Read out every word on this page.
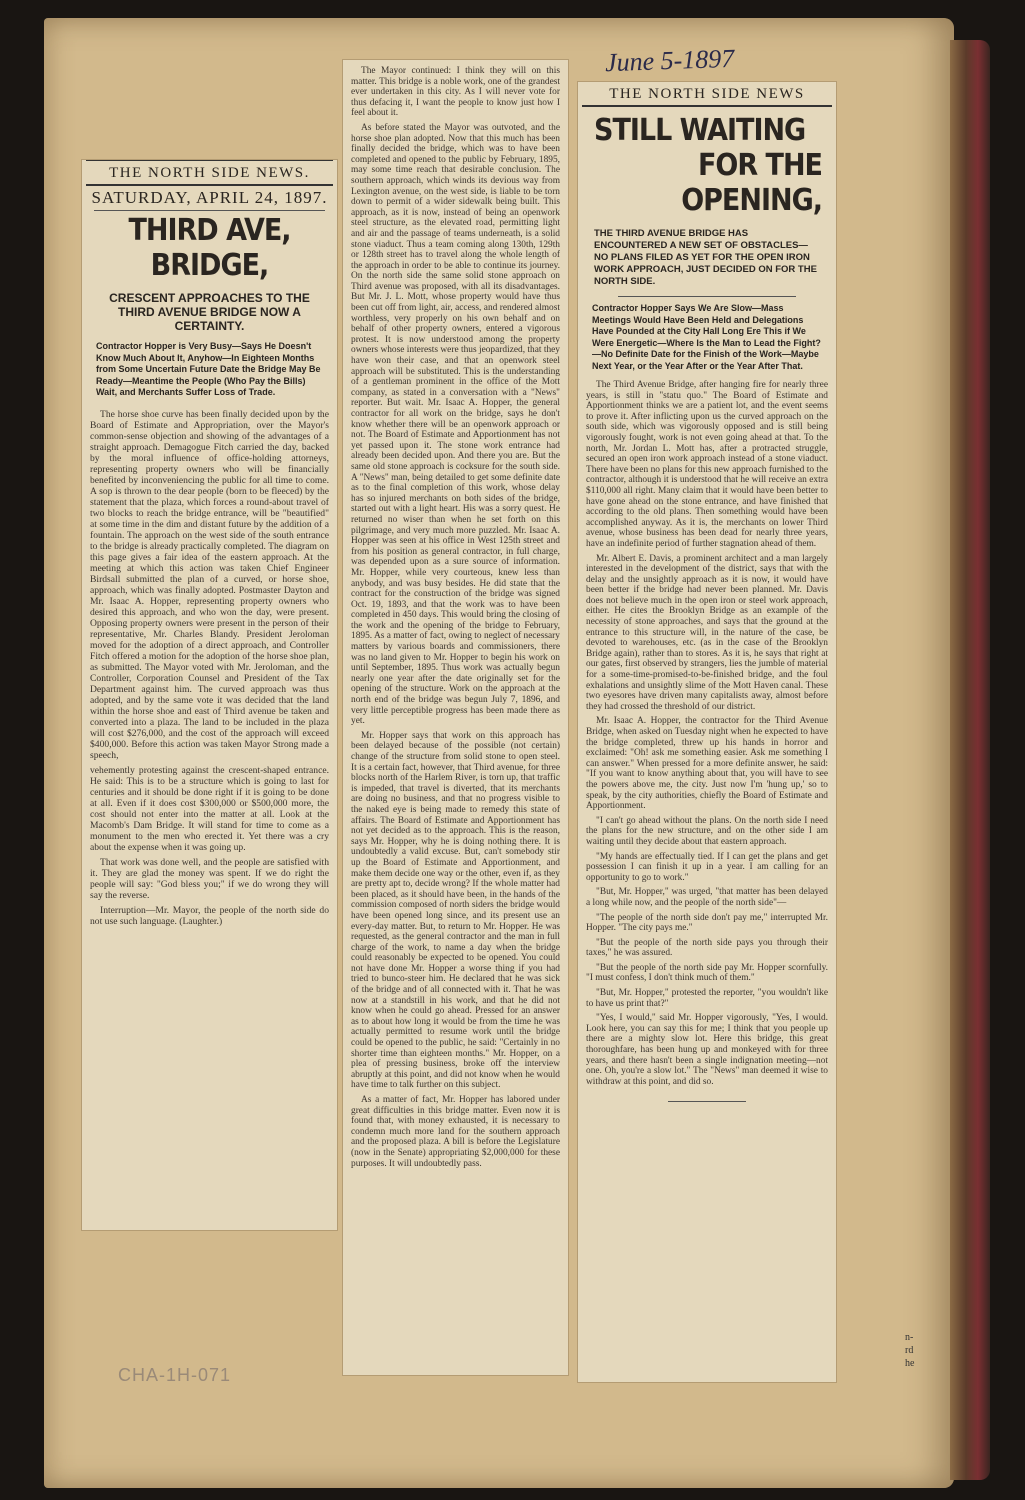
June 5-1897
THE NORTH SIDE NEWS.
SATURDAY, APRIL 24, 1897.
THIRD AVE, BRIDGE,
CRESCENT APPROACHES TO THE THIRD AVENUE BRIDGE NOW A CERTAINTY.
Contractor Hopper is Very Busy—Says He Doesn't Know Much About It, Anyhow—In Eighteen Months from Some Uncertain Future Date the Bridge May Be Ready—Meantime the People (Who Pay the Bills) Wait, and Merchants Suffer Loss of Trade.

The horse shoe curve has been finally decided upon by the Board of Estimate and Appropriation, over the Mayor's common-sense objection and showing of the advantages of a straight approach. Demagogue Fitch carried the day, backed by the moral influence of office-holding attorneys, representing property owners who will be financially benefited by inconveniencing the public for all time to come. A sop is thrown to the dear people (born to be fleeced) by the statement that the plaza, which forces a round-about travel of two blocks to reach the bridge entrance, will be "beautified" at some time in the dim and distant future by the addition of a fountain. The approach on the west side of the south entrance to the bridge is already practically completed. The diagram on this page gives a fair idea of the eastern approach. At the meeting at which this action was taken Chief Engineer Birdsall submitted the plan of a curved, or horse shoe, approach, which was finally adopted. Postmaster Dayton and Mr. Isaac A. Hopper, representing property owners who desired this approach, and who won the day, were present. Opposing property owners were present in the person of their representative, Mr. Charles Blandy. President Jeroloman moved for the adoption of a direct approach, and Controller Fitch offered a motion for the adoption of the horse shoe plan, as submitted. The Mayor voted with Mr. Jeroloman, and the Controller, Corporation Counsel and President of the Tax Department against him. The curved approach was thus adopted, and by the same vote it was decided that the land within the horse shoe and east of Third avenue be taken and converted into a plaza. The land to be included in the plaza will cost $276,000, and the cost of the approach will exceed $400,000. Before this action was taken Mayor Strong made a speech,

vehemently protesting against the crescent-shaped entrance. He said: This is to be a structure which is going to last for centuries and it should be done right if it is going to be done at all. Even if it does cost $300,000 or $500,000 more, the cost should not enter into the matter at all. Look at the Macomb's Dam Bridge. It will stand for time to come as a monument to the men who erected it. Yet there was a cry about the expense when it was going up.

That work was done well, and the people are satisfied with it. They are glad the money was spent. If we do right the people will say: "God bless you;" if we do wrong they will say the reverse.

Interruption—Mr. Mayor, the people of the north side do not use such language. (Laughter.)

The Mayor continued: I think they will on this matter. This bridge is a noble work, one of the grandest ever undertaken in this city. As I will never vote for thus defacing it, I want the people to know just how I feel about it.

As before stated the Mayor was outvoted, and the horse shoe plan adopted. Now that this much has been finally decided the bridge, which was to have been completed and opened to the public by February, 1895, may some time reach that desirable conclusion. The southern approach, which winds its devious way from Lexington avenue, on the west side, is liable to be torn down to permit of a wider sidewalk being built. This approach, as it is now, instead of being an openwork steel structure, as the elevated road, permitting light and air and the passage of teams underneath, is a solid stone viaduct. Thus a team coming along 130th, 129th or 128th street has to travel along the whole length of the approach in order to be able to continue its journey. On the north side the same solid stone approach on Third avenue was proposed, with all its disadvantages. But Mr. J. L. Mott, whose property would have thus been cut off from light, air, access, and rendered almost worthless, very properly on his own behalf and on behalf of other property owners, entered a vigorous protest. It is now understood among the property owners whose interests were thus jeopardized, that they have won their case, and that an openwork steel approach will be substituted. This is the understanding of a gentleman prominent in the office of the Mott company, as stated in a conversation with a "News" reporter. But wait. Mr. Isaac A. Hopper, the general contractor for all work on the bridge, says he don't know whether there will be an openwork approach or not. The Board of Estimate and Apportionment has not yet passed upon it. The stone work entrance had already been decided upon. And there you are. But the same old stone approach is cocksure for the south side. A "News" man, being detailed to get some definite date as to the final completion of this work, whose delay has so injured merchants on both sides of the bridge, started out with a light heart. His was a sorry quest. He returned no wiser than when he set forth on this pilgrimage, and very much more puzzled. Mr. Isaac A. Hopper was seen at his office in West 125th street and from his position as general contractor, in full charge, was depended upon as a sure source of information. Mr. Hopper, while very courteous, knew less than anybody, and was busy besides. He did state that the contract for the construction of the bridge was signed Oct. 19, 1893, and that the work was to have been completed in 450 days. This would bring the closing of the work and the opening of the bridge to February, 1895. As a matter of fact, owing to neglect of necessary matters by various boards and commissioners, there was no land given to Mr. Hopper to begin his work on until September, 1895. Thus work was actually begun nearly one year after the date originally set for the opening of the structure. Work on the approach at the north end of the bridge was begun July 7, 1896, and very little perceptible progress has been made there as yet.

Mr. Hopper says that work on this approach has been delayed because of the possible (not certain) change of the structure from solid stone to open steel. It is a certain fact, however, that Third avenue, for three blocks north of the Harlem River, is torn up, that traffic is impeded, that travel is diverted, that its merchants are doing no business, and that no progress visible to the naked eye is being made to remedy this state of affairs. The Board of Estimate and Apportionment has not yet decided as to the approach. This is the reason, says Mr. Hopper, why he is doing nothing there. It is undoubtedly a valid excuse. But, can't somebody stir up the Board of Estimate and Apportionment, and make them decide one way or the other, even if, as they are pretty apt to, decide wrong? If the whole matter had been placed, as it should have been, in the hands of the commission composed of north siders the bridge would have been opened long since, and its present use an every-day matter. But, to return to Mr. Hopper. He was requested, as the general contractor and the man in full charge of the work, to name a day when the bridge could reasonably be expected to be opened. You could not have done Mr. Hopper a worse thing if you had tried to bunco-steer him. He declared that he was sick of the bridge and of all connected with it. That he was now at a standstill in his work, and that he did not know when he could go ahead. Pressed for an answer as to about how long it would be from the time he was actually permitted to resume work until the bridge could be opened to the public, he said: "Certainly in no shorter time than eighteen months." Mr. Hopper, on a plea of pressing business, broke off the interview abruptly at this point, and did not know when he would have time to talk further on this subject.

As a matter of fact, Mr. Hopper has labored under great difficulties in this bridge matter. Even now it is found that, with money exhausted, it is necessary to condemn much more land for the southern approach and the proposed plaza. A bill is before the Legislature (now in the Senate) appropriating $2,000,000 for these purposes. It will undoubtedly pass.

THE NORTH SIDE NEWS
STILL WAITING
FOR THE OPENING,
THE THIRD AVENUE BRIDGE HAS ENCOUNTERED A NEW SET OF OBSTACLES—NO PLANS FILED AS YET FOR THE OPEN IRON WORK APPROACH, JUST DECIDED ON FOR THE NORTH SIDE.
Contractor Hopper Says We Are Slow—Mass Meetings Would Have Been Held and Delegations Have Pounded at the City Hall Long Ere This if We Were Energetic—Where Is the Man to Lead the Fight?—No Definite Date for the Finish of the Work—Maybe Next Year, or the Year After or the Year After That.

The Third Avenue Bridge, after hanging fire for nearly three years, is still in "statu quo." The Board of Estimate and Apportionment thinks we are a patient lot, and the event seems to prove it. After inflicting upon us the curved approach on the south side, which was vigorously opposed and is still being vigorously fought, work is not even going ahead at that. To the north, Mr. Jordan L. Mott has, after a protracted struggle, secured an open iron work approach instead of a stone viaduct. There have been no plans for this new approach furnished to the contractor, although it is understood that he will receive an extra $110,000 all right. Many claim that it would have been better to have gone ahead on the stone entrance, and have finished that according to the old plans. Then something would have been accomplished anyway. As it is, the merchants on lower Third avenue, whose business has been dead for nearly three years, have an indefinite period of further stagnation ahead of them.

Mr. Albert E. Davis, a prominent architect and a man largely interested in the development of the district, says that with the delay and the unsightly approach as it is now, it would have been better if the bridge had never been planned. Mr. Davis does not believe much in the open iron or steel work approach, either. He cites the Brooklyn Bridge as an example of the necessity of stone approaches, and says that the ground at the entrance to this structure will, in the nature of the case, be devoted to warehouses, etc. (as in the case of the Brooklyn Bridge again), rather than to stores. As it is, he says that right at our gates, first observed by strangers, lies the jumble of material for a some-time-promised-to-be-finished bridge, and the foul exhalations and unsightly slime of the Mott Haven canal. These two eyesores have driven many capitalists away, almost before they had crossed the threshold of our district.

Mr. Isaac A. Hopper, the contractor for the Third Avenue Bridge, when asked on Tuesday night when he expected to have the bridge completed, threw up his hands in horror and exclaimed: "Oh! ask me something easier. Ask me something I can answer." When pressed for a more definite answer, he said: "If you want to know anything about that, you will have to see the powers above me, the city. Just now I'm 'hung up,' so to speak, by the city authorities, chiefly the Board of Estimate and Apportionment.

"I can't go ahead without the plans. On the north side I need the plans for the new structure, and on the other side I am waiting until they decide about that eastern approach.

"My hands are effectually tied. If I can get the plans and get possession I can finish it up in a year. I am calling for an opportunity to go to work."

"But, Mr. Hopper," was urged, "that matter has been delayed a long while now, and the people of the north side"—

"The people of the north side don't pay me," interrupted Mr. Hopper. "The city pays me."

"But the people of the north side pays you through their taxes," he was assured.

"But the people of the north side pay Mr. Hopper scornfully. "I must confess, I don't think much of them."

"But, Mr. Hopper," protested the reporter, "you wouldn't like to have us print that?"

"Yes, I would," said Mr. Hopper vigorously, "Yes, I would. Look here, you can say this for me; I think that you people up there are a mighty slow lot. Here this bridge, this great thoroughfare, has been hung up and monkeyed with for three years, and there hasn't been a single indignation meeting—not one. Oh, you're a slow lot." The "News" man deemed it wise to withdraw at this point, and did so.

CHA-1H-071
n-
rd
he
